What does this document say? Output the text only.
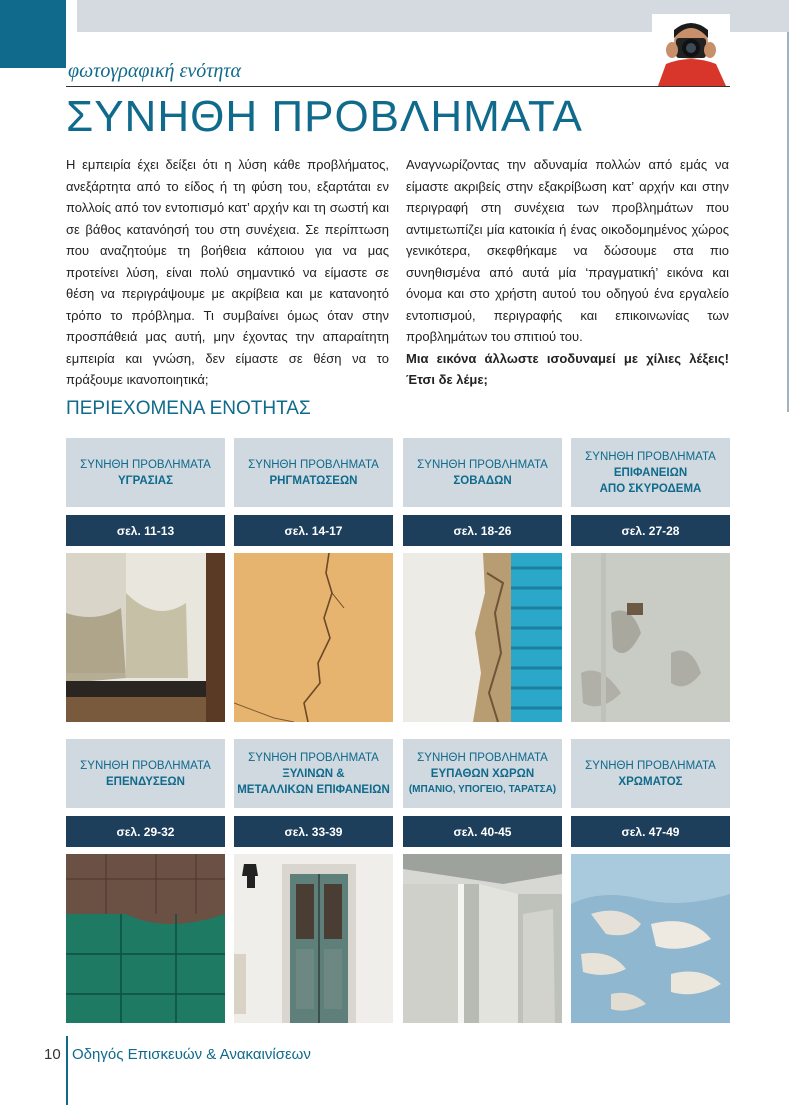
φωτογραφική ενότητα
ΣΥΝΗΘΗ ΠΡΟΒΛΗΜΑΤΑ

Η εμπειρία έχει δείξει ότι η λύση κάθε προβλήματος, ανεξάρτητα από το είδος ή τη φύση του, εξαρτάται εν πολλοίς από τον εντοπισμό κατ’ αρχήν και τη σωστή και σε βάθος κατανόησή του στη συνέχεια. Σε περίπτωση που αναζητούμε τη βοήθεια κάποιου για να μας προτείνει λύση, είναι πολύ σημαντικό να είμαστε σε θέση να περιγράψουμε με ακρίβεια και με κατανοητό τρόπο το πρόβλημα. Τι συμβαίνει όμως όταν στην προσπάθειά μας αυτή, μην έχοντας την απαραίτητη εμπειρία και γνώση, δεν είμαστε σε θέση να το πράξουμε ικανοποιητικά;

Αναγνωρίζοντας την αδυναμία πολλών από εμάς να είμαστε ακριβείς στην εξακρίβωση κατ’ αρχήν και στην περιγραφή στη συνέχεια των προβλημάτων που αντιμετωπίζει μία κατοικία ή ένας οικοδομημένος χώρος γενικότερα, σκεφθήκαμε να δώσουμε στα πιο συνηθισμένα από αυτά μία ‘πραγματική’ εικόνα και όνομα και στο χρήστη αυτού του οδηγού ένα εργαλείο εντοπισμού, περιγραφής και επικοινωνίας των προβλημάτων του σπιτιού του.

Μια εικόνα άλλωστε ισοδυναμεί με χίλιες λέξεις! Έτσι δε λέμε;

ΠΕΡΙΕΧΟΜΕΝΑ ΕΝΟΤΗΤΑΣ
ΣΥΝΗΘΗ ΠΡΟΒΛΗΜΑΤΑ
ΥΓΡΑΣΙΑΣ
σελ. 11-13
ΣΥΝΗΘΗ ΠΡΟΒΛΗΜΑΤΑ
ΡΗΓΜΑΤΩΣΕΩΝ
σελ. 14-17
ΣΥΝΗΘΗ ΠΡΟΒΛΗΜΑΤΑ
ΣΟΒΑΔΩΝ
σελ. 18-26
ΣΥΝΗΘΗ ΠΡΟΒΛΗΜΑΤΑ
ΕΠΙΦΑΝΕΙΩΝ
ΑΠΟ ΣΚΥΡΟΔΕΜΑ
σελ. 27-28
ΣΥΝΗΘΗ ΠΡΟΒΛΗΜΑΤΑ
ΕΠΕΝΔΥΣΕΩΝ
σελ. 29-32
ΣΥΝΗΘΗ ΠΡΟΒΛΗΜΑΤΑ
ΞΥΛΙΝΩΝ &
ΜΕΤΑΛΛΙΚΩΝ ΕΠΙΦΑΝΕΙΩΝ
σελ. 33-39
ΣΥΝΗΘΗ ΠΡΟΒΛΗΜΑΤΑ
ΕΥΠΑΘΩΝ ΧΩΡΩΝ
(ΜΠΑΝΙΟ, ΥΠΟΓΕΙΟ, ΤΑΡΑΤΣΑ)
σελ. 40-45
ΣΥΝΗΘΗ ΠΡΟΒΛΗΜΑΤΑ
ΧΡΩΜΑΤΟΣ
σελ. 47-49
10 Οδηγός Επισκευών & Ανακαινίσεων
